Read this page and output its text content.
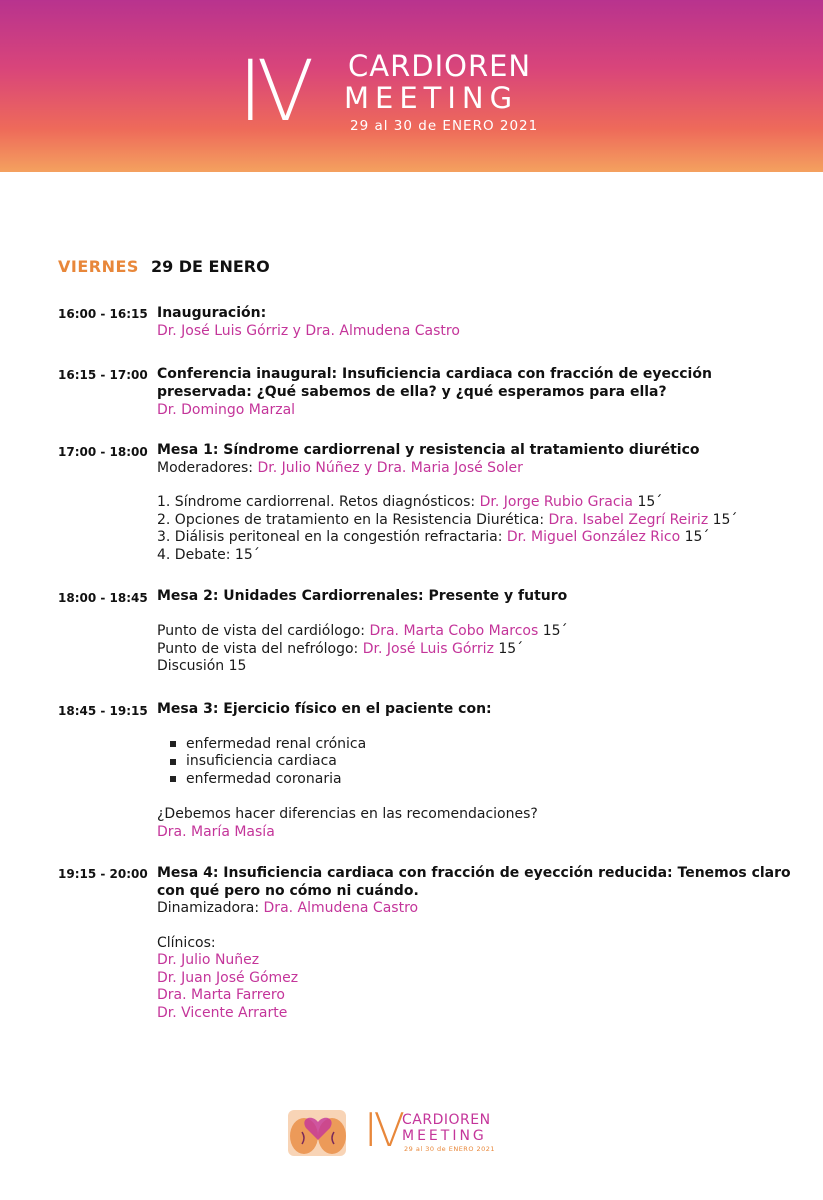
IV CARDIOREN
MEETING
29 al 30 de ENERO 2021
VIERNES 29 DE ENERO
16:00 - 16:15 Inauguración:
Dr. José Luis Górriz y Dra. Almudena Castro
16:15 - 17:00 Conferencia inaugural: Insuficiencia cardiaca con fracción de eyección
preservada: ¿Qué sabemos de ella? y ¿qué esperamos para ella?
Dr. Domingo Marzal
17:00 - 18:00 Mesa 1: Síndrome cardiorrenal y resistencia al tratamiento diurético
Moderadores: Dr. Julio Núñez y Dra. Maria José Soler
1. Síndrome cardiorrenal. Retos diagnósticos: Dr. Jorge Rubio Gracia 15´
2. Opciones de tratamiento en la Resistencia Diurética: Dra. Isabel Zegrí Reiriz 15´
3. Diálisis peritoneal en la congestión refractaria: Dr. Miguel González Rico 15´
4. Debate: 15´
18:00 - 18:45 Mesa 2: Unidades Cardiorrenales: Presente y futuro
Punto de vista del cardiólogo: Dra. Marta Cobo Marcos 15´
Punto de vista del nefrólogo: Dr. José Luis Górriz 15´
Discusión 15
18:45 - 19:15 Mesa 3: Ejercicio físico en el paciente con:
enfermedad renal crónica
insuficiencia cardiaca
enfermedad coronaria
¿Debemos hacer diferencias en las recomendaciones?
Dra. María Masía
19:15 - 20:00 Mesa 4: Insuficiencia cardiaca con fracción de eyección reducida: Tenemos claro
con qué pero no cómo ni cuándo.
Dinamizadora: Dra. Almudena Castro
Clínicos:
Dr. Julio Nuñez
Dr. Juan José Gómez
Dra. Marta Farrero
Dr. Vicente Arrarte
IV CARDIOREN
MEETING
29 al 30 de ENERO 2021
